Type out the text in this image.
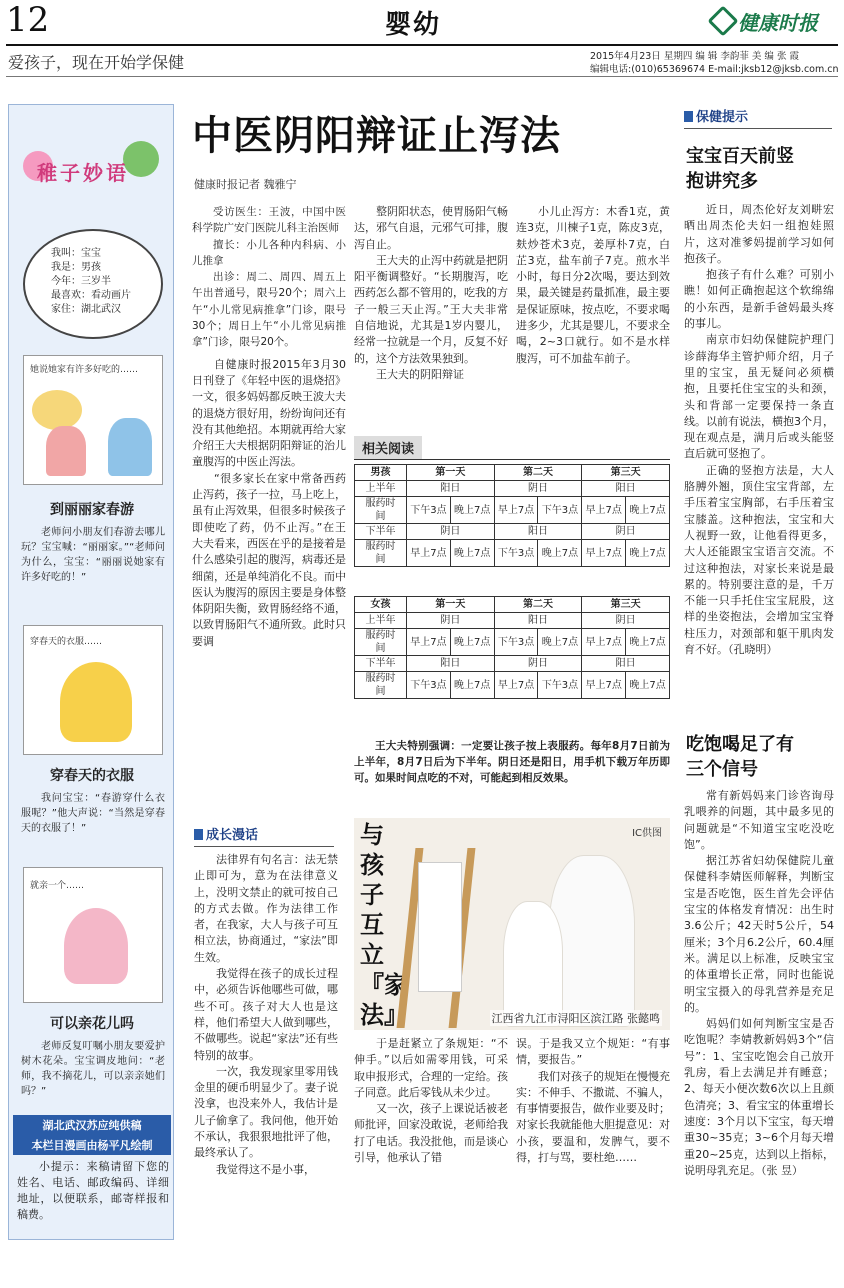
12	婴幼	健康时报
爱孩子，现在开始学保健	2015年4月23日 星期四 编 辑 李韵菲 美 编 张 霞
编辑电话:(010)65369674 E-mail:jksb12@jksb.com.cn
稚子妙语
我叫：宝宝
我是：男孩
今年：三岁半
最喜欢：看动画片
家住：湖北武汉
她说她家有许多好吃的……
到丽丽家春游

老师问小朋友们春游去哪儿玩？宝宝喊：“丽丽家。”“老师问为什么，宝宝：“丽丽说她家有许多好吃的！”

穿春天的衣服……
穿春天的衣服

我问宝宝：“春游穿什么衣服呢？”他大声说：“当然是穿春天的衣服了！”

就亲一个……
可以亲花儿吗

老师反复叮嘱小朋友要爱护树木花朵。宝宝调皮地问：“老师，我不摘花儿，可以亲亲她们吗？”

湖北武汉苏应纯供稿
本栏目漫画由杨平凡绘制

小提示：来稿请留下您的姓名、电话、邮政编码、详细地址，以便联系，邮寄样报和稿费。

中医阴阳辩证止泻法
健康时报记者 魏雅宁

受访医生：王波，中国中医科学院广安门医院儿科主治医师

擅长：小儿各种内科病、小儿推拿

出诊：周二、周四、周五上午出普通号，限号20个；周六上午“小儿常见病推拿”门诊，限号30个；周日上午“小儿常见病推拿”门诊，限号20个。

自健康时报2015年3月30日刊登了《年轻中医的退烧招》一文，很多妈妈都反映王波大夫的退烧方很好用，纷纷询问还有没有其他绝招。本期就再给大家介绍王大夫根据阴阳辩证的治儿童腹泻的中医止泻法。

“很多家长在家中常备西药止泻药，孩子一拉，马上吃上，虽有止泻效果，但很多时候孩子即使吃了药，仍不止泻。”在王大夫看来，西医在乎的是接着是什么感染引起的腹泻，病毒还是细菌，还是单纯消化不良。而中医认为腹泻的原因主要是身体整体阴阳失衡，致胃肠经络不通，以致胃肠阳气不通所致。此时只要调

整阴阳状态，使胃肠阳气畅达，邪气自退，元邪气可排，腹泻自止。

王大夫的止泻中药就是把阴阳平衡调整好。“长期腹泻，吃西药怎么都不管用的，吃我的方子一般三天止泻。”王大夫非常自信地说，尤其是1岁内婴儿，经常一拉就是一个月，反复不好的，这个方法效果独到。

王大夫的阴阳辩证

小儿止泻方：木香1克，黄连3克，川楝子1克，陈皮3克，麸炒苍术3克，姜厚朴7克，白芷3克，盐车前子7克。煎水半小时，每日分2次喝，要达到效果，最关键是药量抓准，最主要是保证原味，按点吃，不要求喝进多少，尤其是婴儿，不要求全喝，2~3口就行。如不是水样腹泻，可不加盐车前子。

相关阅读
男孩	第一天		第二天		第三天	
上半年	阳日		阴日		阳日	
服药时间	下午3点	晚上7点	早上7点	下午3点	早上7点	晚上7点
下半年	阴日		阳日		阴日	
服药时间	早上7点	晚上7点	下午3点	晚上7点	早上7点	晚上7点
女孩	第一天		第二天		第三天	
上半年	阴日		阳日		阴日	
服药时间	早上7点	晚上7点	下午3点	晚上7点	早上7点	晚上7点
下半年	阳日		阴日		阳日	
服药时间	下午3点	晚上7点	早上7点	下午3点	早上7点	晚上7点

王大夫特别强调：一定要让孩子按上表服药。每年8月7日前为上半年，8月7日后为下半年。阴日还是阳日，用手机下载万年历即可。如果时间点吃的不对，可能起到相反效果。

成长漫话

法律界有句名言：法无禁止即可为，意为在法律意义上，没明文禁止的就可按自己的方式去做。作为法律工作者，在我家，大人与孩子可互相立法，协商通过，“家法”即生效。

我觉得在孩子的成长过程中，必须告诉他哪些可做，哪些不可。孩子对大人也是这样，他们希望大人做到哪些，不做哪些。说起“家法”还有些特别的故事。

一次，我发现家里零用钱金里的硬币明显少了。妻子说没拿，也没来外人，我估计是儿子偷拿了。我问他，他开始不承认，我狠狠地批评了他，最终承认了。

我觉得这不是小事，

与孩子互立『家法』
IC供图
江西省九江市浔阳区滨江路 张懿鸣

于是赶紧立了条规矩：“不伸手。”以后如需零用钱，可采取申报形式，合理的一定给。孩子同意。此后零钱从未少过。

又一次，孩子上课说话被老师批评，回家没敢说，老师给我打了电话。我没批他，而是谈心引导，他承认了错

误。于是我又立个规矩：“有事情，要报告。”

我们对孩子的规矩在慢慢充实：不伸手、不撒谎、不骗人，有事情要报告，做作业要及时；对家长我就能他大胆提意见：对小孩，要温和，发脾气，要不得，打与骂，要杜绝……

保健提示
宝宝百天前竖抱讲究多

近日，周杰伦好友刘畊宏晒出周杰伦夫妇一组抱娃照片，这对准爹妈提前学习如何抱孩子。

抱孩子有什么难？可别小瞧！如何正确抱起这个软绵绵的小东西，是新手爸妈最头疼的事儿。

南京市妇幼保健院护理门诊薛海华主管护师介绍，月子里的宝宝，虽无疑问必须横抱，且要托住宝宝的头和颈，头和背部一定要保持一条直线。以前有说法，横抱3个月，现在观点是，满月后或头能竖直后就可竖抱了。

正确的竖抱方法是，大人胳膊外翘，顶住宝宝背部，左手压着宝宝胸部，右手压着宝宝膝盖。这种抱法，宝宝和大人视野一致，让他看得更多，大人还能跟宝宝语言交流。不过这种抱法，对家长来说是最累的。特别要注意的是，千万不能一只手托住宝宝屁股，这样的坐姿抱法，会增加宝宝脊柱压力，对颈部和躯干肌肉发育不好。（孔晓明）

吃饱喝足了有三个信号

常有新妈妈来门诊咨询母乳喂养的问题，其中最多见的问题就是“不知道宝宝吃没吃饱”。

据江苏省妇幼保健院儿童保健科李婧医师解释，判断宝宝是否吃饱，医生首先会评估宝宝的体格发育情况：出生时3.6公斤；42天时5公斤，54厘米；3个月6.2公斤，60.4厘米。满足以上标准，反映宝宝的体重增长正常，同时也能说明宝宝摄入的母乳营养是充足的。

妈妈们如何判断宝宝是否吃饱呢？李婧教新妈妈3个“信号”：1、宝宝吃饱会自己放开乳房，看上去满足并有睡意；2、每天小便次数6次以上且颜色清亮；3、看宝宝的体重增长速度：3个月以下宝宝，每天增重30~35克；3~6个月每天增重20~25克，达到以上指标，说明母乳充足。（张 昱）
